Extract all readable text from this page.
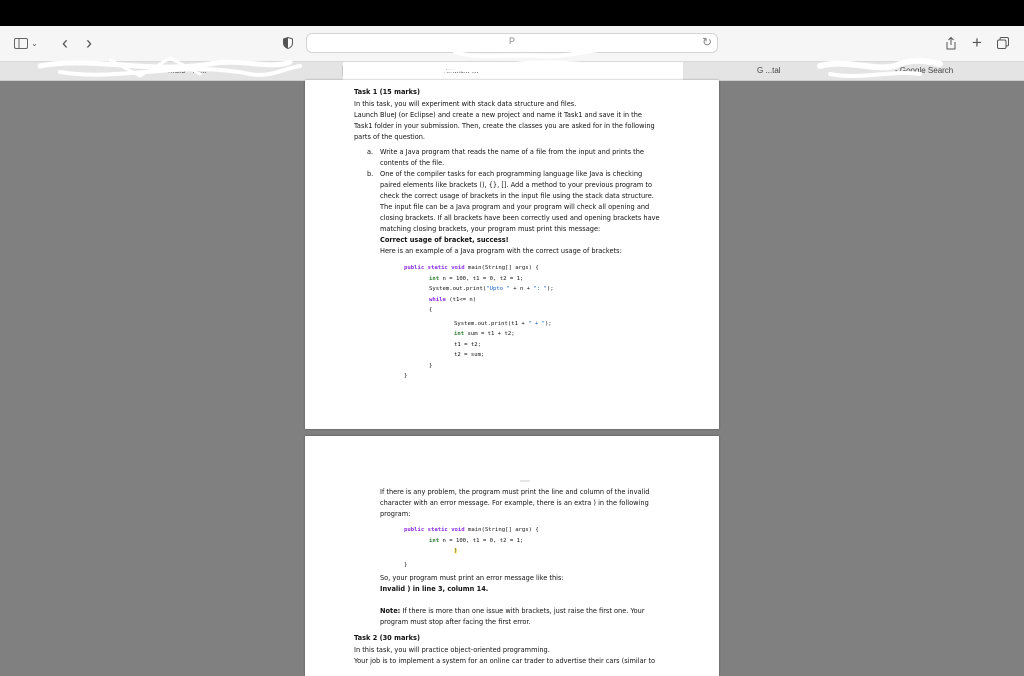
⌄ ‹ ›	P	↻	+
...ufs - Pr...	...unint... ...	G ...tal	- Google Search
Task 1 (15 marks)
In this task, you will experiment with stack data structure and files.
Launch BlueJ (or Eclipse) and create a new project and name it Task1 and save it in the
Task1 folder in your submission. Then, create the classes you are asked for in the following
parts of the question.
a. Write a Java program that reads the name of a file from the input and prints the
contents of the file.
b. One of the compiler tasks for each programming language like Java is checking
paired elements like brackets (), {}, []. Add a method to your previous program to
check the correct usage of brackets in the input file using the stack data structure.
The input file can be a Java program and your program will check all opening and
closing brackets. If all brackets have been correctly used and opening brackets have
matching closing brackets, your program must print this message:
Correct usage of bracket, success!
Here is an example of a Java program with the correct usage of brackets:
public static void main(String[] args) {
int n = 100, t1 = 0, t2 = 1;
System.out.print("Upto " + n + ": ");
while (t1<= n)
{
System.out.print(t1 + " + ");
int sum = t1 + t2;
t1 = t2;
t2 = sum;
}
}
If there is any problem, the program must print the line and column of the invalid
character with an error message. For example, there is an extra ) in the following
program:
public static void main(String[] args) {
int n = 100, t1 = 0, t2 = 1;
)
}
So, your program must print an error message like this:
Invalid ) in line 3, column 14.
Note: If there is more than one issue with brackets, just raise the first one. Your
program must stop after facing the first error.
Task 2 (30 marks)
In this task, you will practice object-oriented programming.
Your job is to implement a system for an online car trader to advertise their cars (similar to
